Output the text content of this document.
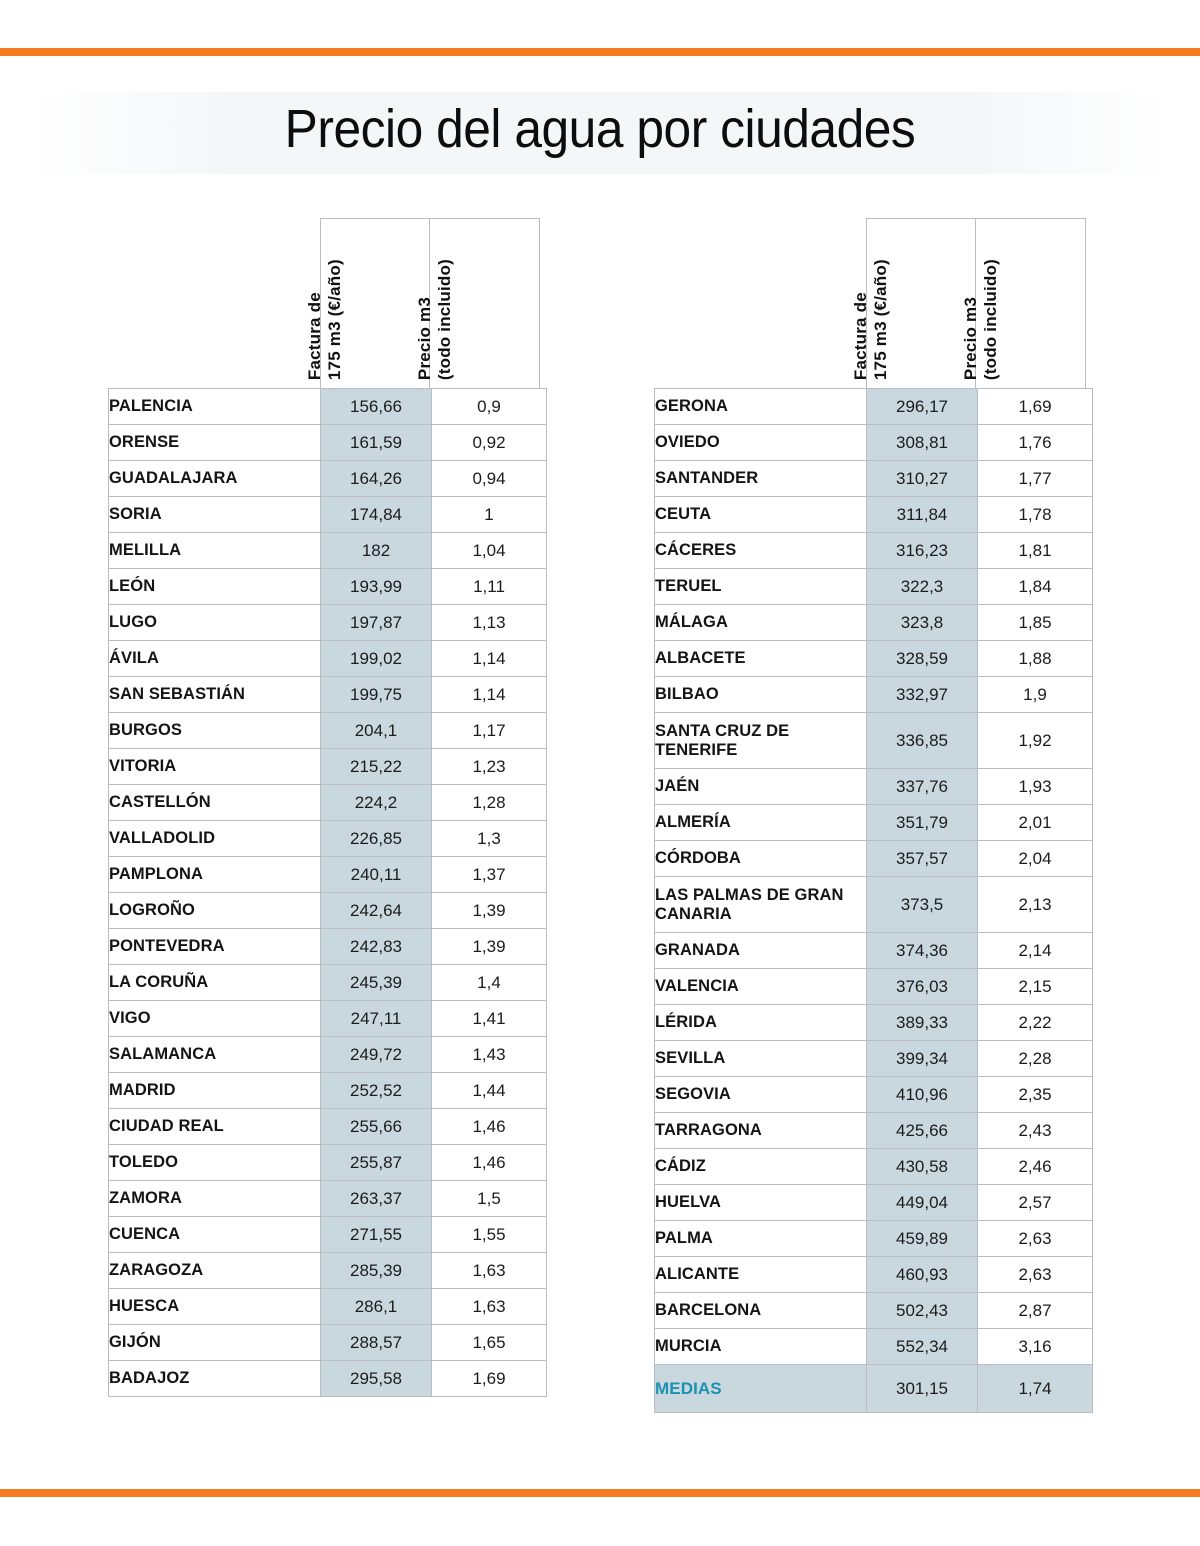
Precio del agua por ciudades
Factura de 175 m3 (€/año)	Precio m3 (todo incluido)
PALENCIA	156,66	0,9
ORENSE	161,59	0,92
GUADALAJARA	164,26	0,94
SORIA	174,84	1
MELILLA	182	1,04
LEÓN	193,99	1,11
LUGO	197,87	1,13
ÁVILA	199,02	1,14
SAN SEBASTIÁN	199,75	1,14
BURGOS	204,1	1,17
VITORIA	215,22	1,23
CASTELLÓN	224,2	1,28
VALLADOLID	226,85	1,3
PAMPLONA	240,11	1,37
LOGROÑO	242,64	1,39
PONTEVEDRA	242,83	1,39
LA CORUÑA	245,39	1,4
VIGO	247,11	1,41
SALAMANCA	249,72	1,43
MADRID	252,52	1,44
CIUDAD REAL	255,66	1,46
TOLEDO	255,87	1,46
ZAMORA	263,37	1,5
CUENCA	271,55	1,55
ZARAGOZA	285,39	1,63
HUESCA	286,1	1,63
GIJÓN	288,57	1,65
BADAJOZ	295,58	1,69
Factura de 175 m3 (€/año)	Precio m3 (todo incluido)
GERONA	296,17	1,69
OVIEDO	308,81	1,76
SANTANDER	310,27	1,77
CEUTA	311,84	1,78
CÁCERES	316,23	1,81
TERUEL	322,3	1,84
MÁLAGA	323,8	1,85
ALBACETE	328,59	1,88
BILBAO	332,97	1,9
SANTA CRUZ DE TENERIFE	336,85	1,92
JAÉN	337,76	1,93
ALMERÍA	351,79	2,01
CÓRDOBA	357,57	2,04
LAS PALMAS DE GRAN CANARIA	373,5	2,13
GRANADA	374,36	2,14
VALENCIA	376,03	2,15
LÉRIDA	389,33	2,22
SEVILLA	399,34	2,28
SEGOVIA	410,96	2,35
TARRAGONA	425,66	2,43
CÁDIZ	430,58	2,46
HUELVA	449,04	2,57
PALMA	459,89	2,63
ALICANTE	460,93	2,63
BARCELONA	502,43	2,87
MURCIA	552,34	3,16
MEDIAS	301,15	1,74
